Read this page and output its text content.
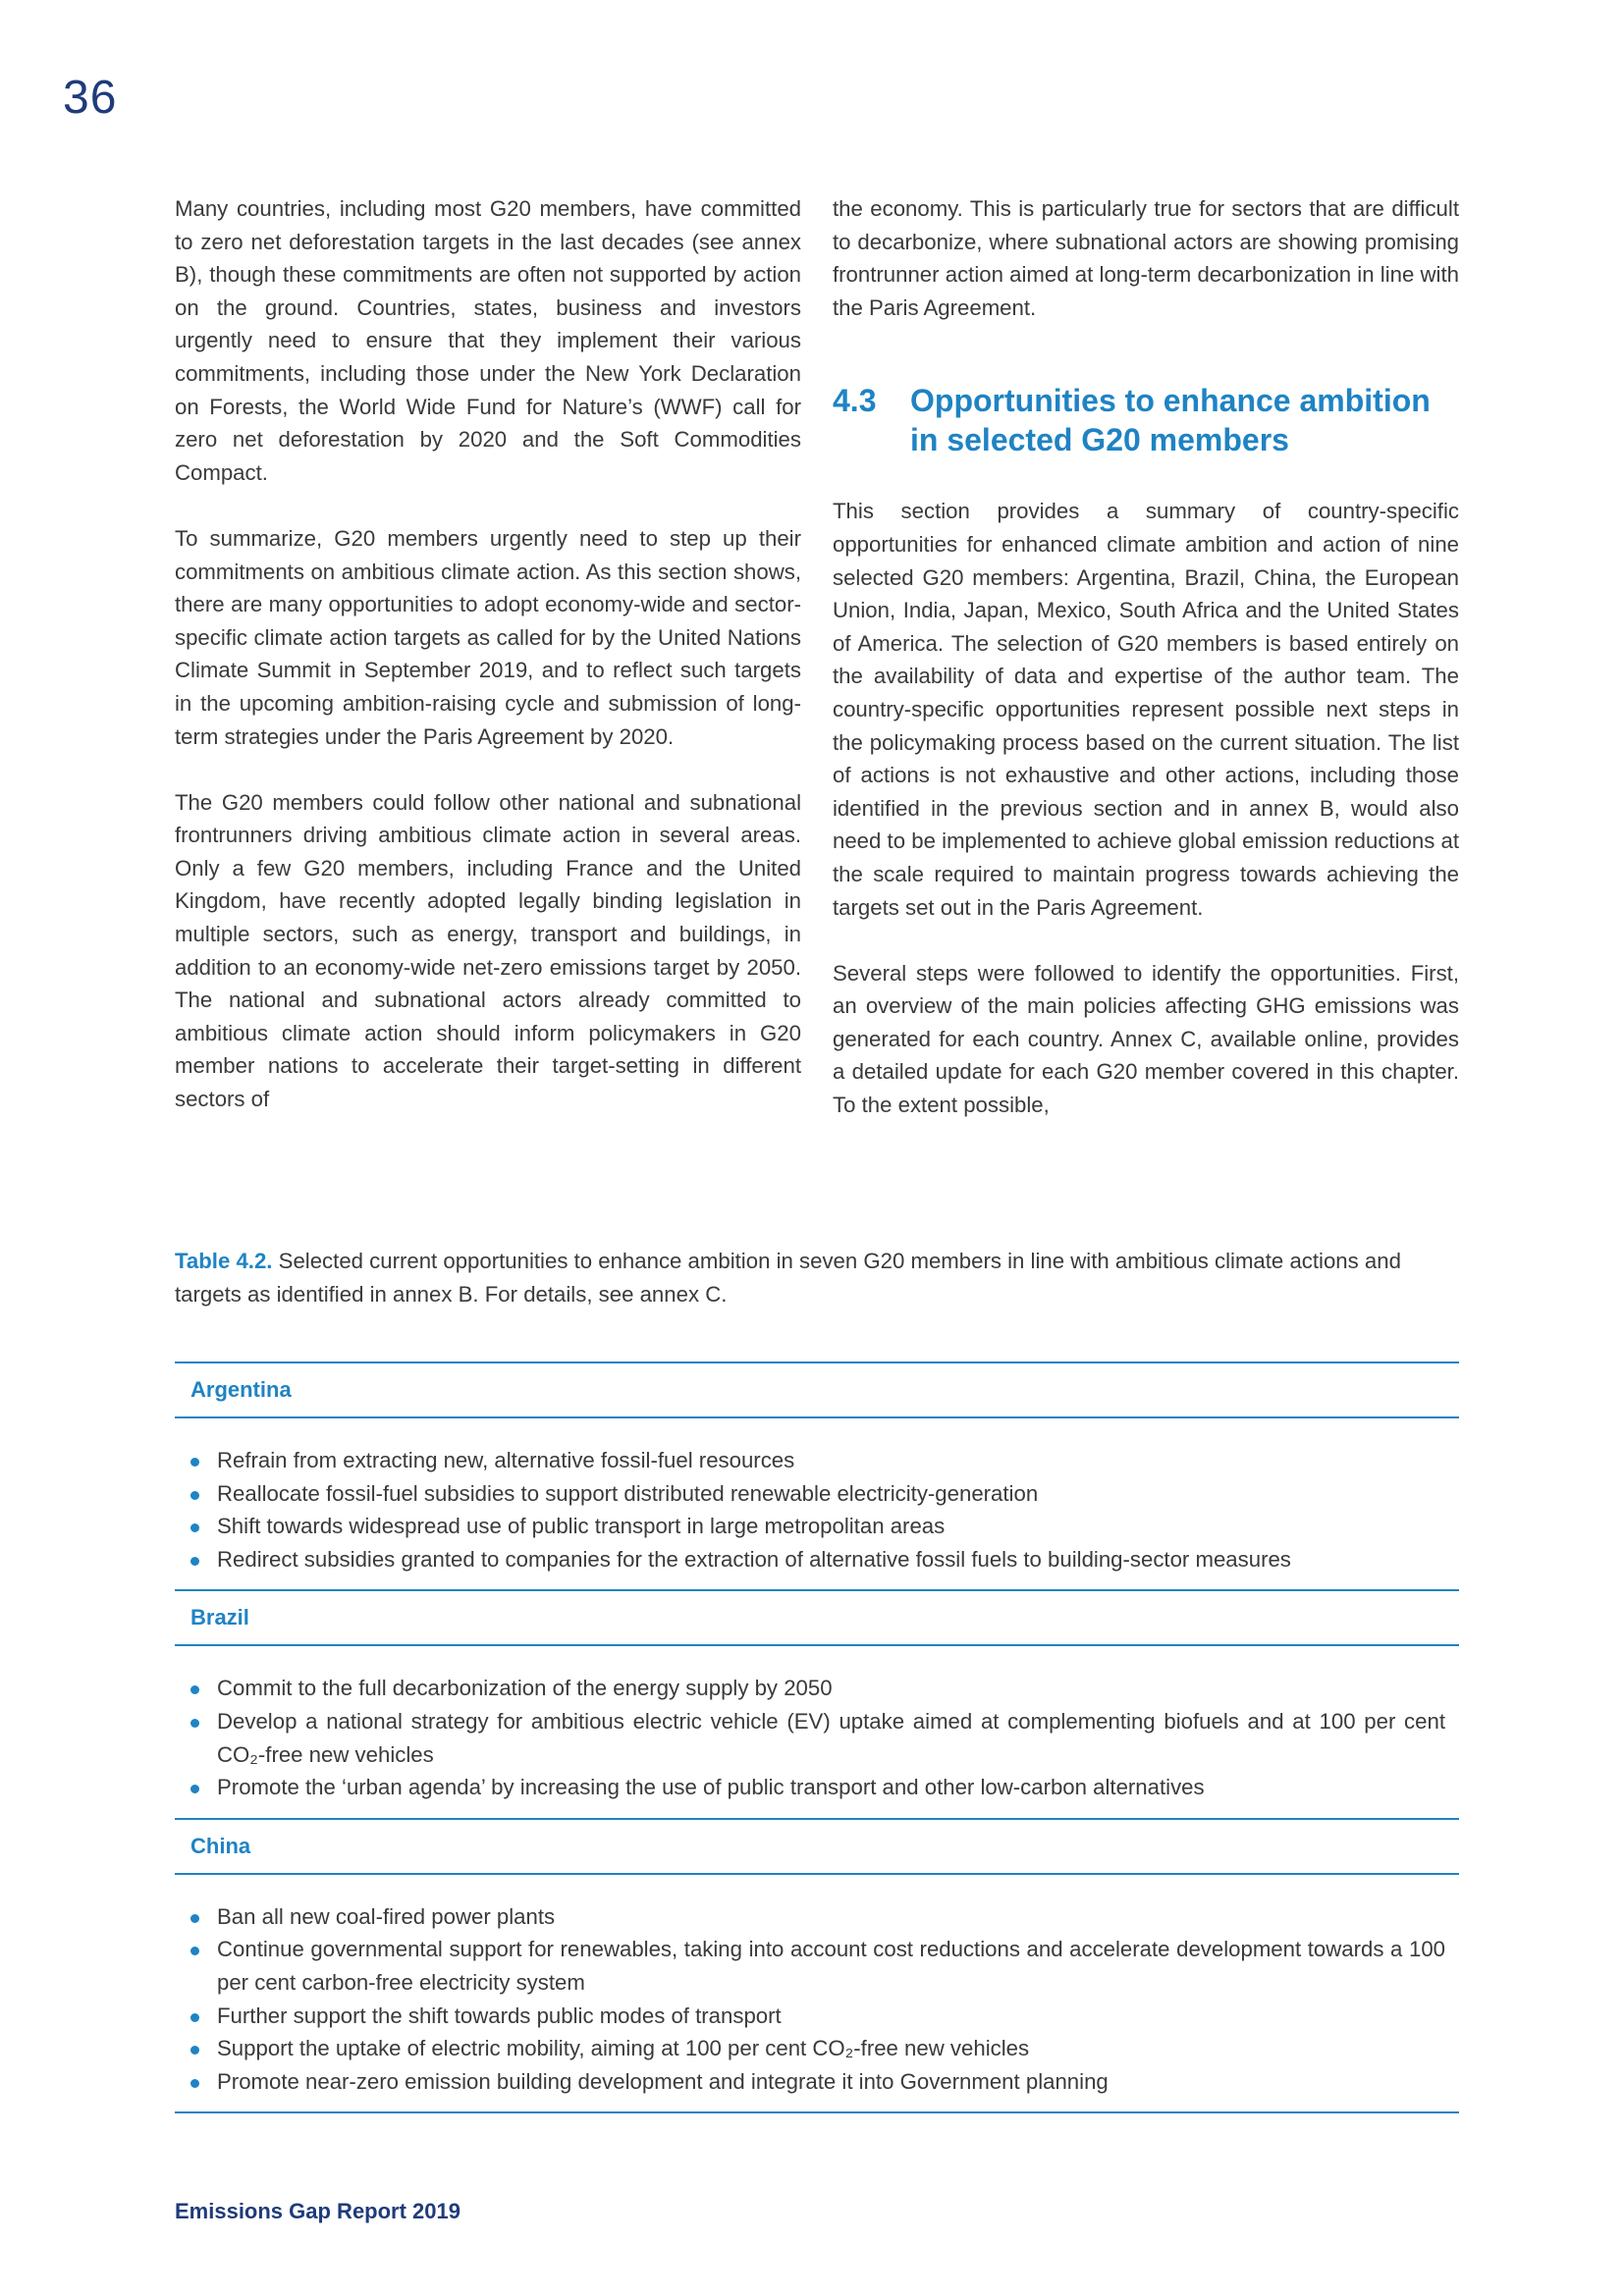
36

Many countries, including most G20 members, have committed to zero net deforestation targets in the last decades (see annex B), though these commitments are often not supported by action on the ground. Countries, states, business and investors urgently need to ensure that they implement their various commitments, including those under the New York Declaration on Forests, the World Wide Fund for Nature’s (WWF) call for zero net deforestation by 2020 and the Soft Commodities Compact.

To summarize, G20 members urgently need to step up their commitments on ambitious climate action. As this section shows, there are many opportunities to adopt economy-wide and sector-specific climate action targets as called for by the United Nations Climate Summit in September 2019, and to reflect such targets in the upcoming ambition-raising cycle and submission of long-term strategies under the Paris Agreement by 2020.

The G20 members could follow other national and subnational frontrunners driving ambitious climate action in several areas. Only a few G20 members, including France and the United Kingdom, have recently adopted legally binding legislation in multiple sectors, such as energy, transport and buildings, in addition to an economy-wide net-zero emissions target by 2050. The national and subnational actors already committed to ambitious climate action should inform policymakers in G20 member nations to accelerate their target-setting in different sectors of

the economy. This is particularly true for sectors that are difficult to decarbonize, where subnational actors are showing promising frontrunner action aimed at long-term decarbonization in line with the Paris Agreement.

4.3	Opportunities to enhance ambition in selected G20 members

This section provides a summary of country-specific opportunities for enhanced climate ambition and action of nine selected G20 members: Argentina, Brazil, China, the European Union, India, Japan, Mexico, South Africa and the United States of America. The selection of G20 members is based entirely on the availability of data and expertise of the author team. The country-specific opportunities represent possible next steps in the policymaking process based on the current situation. The list of actions is not exhaustive and other actions, including those identified in the previous section and in annex B, would also need to be implemented to achieve global emission reductions at the scale required to maintain progress towards achieving the targets set out in the Paris Agreement.

Several steps were followed to identify the opportunities. First, an overview of the main policies affecting GHG emissions was generated for each country. Annex C, available online, provides a detailed update for each G20 member covered in this chapter. To the extent possible,

Table 4.2. Selected current opportunities to enhance ambition in seven G20 members in line with ambitious climate actions and targets as identified in annex B. For details, see annex C.

Argentina
Refrain from extracting new, alternative fossil-fuel resources
Reallocate fossil-fuel subsidies to support distributed renewable electricity-generation
Shift towards widespread use of public transport in large metropolitan areas
Redirect subsidies granted to companies for the extraction of alternative fossil fuels to building-sector measures
Brazil
Commit to the full decarbonization of the energy supply by 2050
Develop a national strategy for ambitious electric vehicle (EV) uptake aimed at complementing biofuels and at 100 per cent CO₂-free new vehicles
Promote the ‘urban agenda’ by increasing the use of public transport and other low-carbon alternatives
China
Ban all new coal-fired power plants
Continue governmental support for renewables, taking into account cost reductions and accelerate development towards a 100 per cent carbon-free electricity system
Further support the shift towards public modes of transport
Support the uptake of electric mobility, aiming at 100 per cent CO₂-free new vehicles
Promote near-zero emission building development and integrate it into Government planning
Emissions Gap Report 2019
